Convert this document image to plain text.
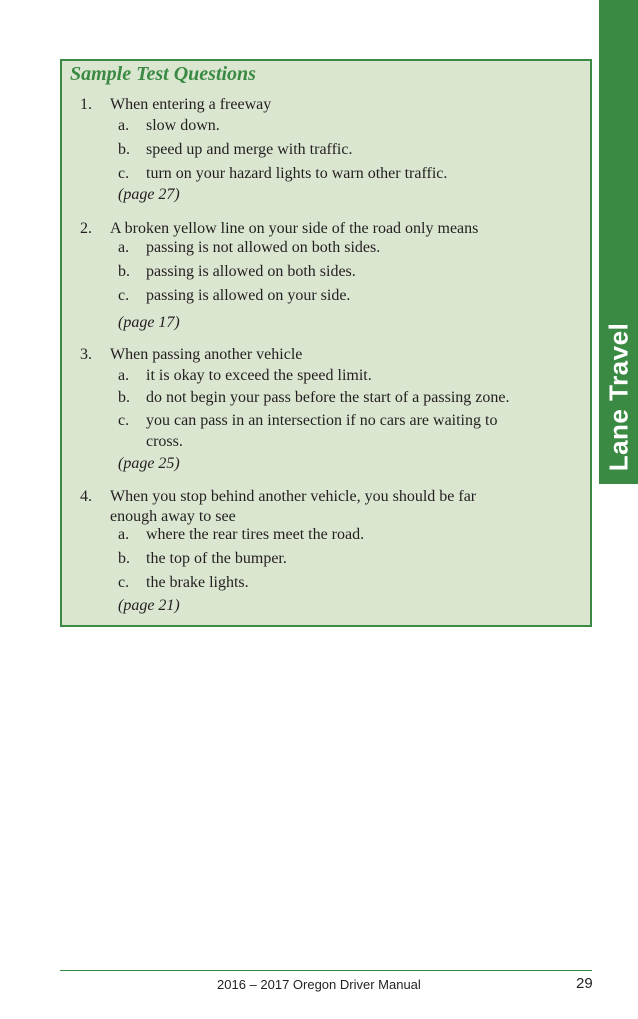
Lane Travel
Sample Test Questions
1. When entering a freeway
a. slow down.
b. speed up and merge with traffic.
c. turn on your hazard lights to warn other traffic.
(page 27)
2. A broken yellow line on your side of the road only means
a. passing is not allowed on both sides.
b. passing is allowed on both sides.
c. passing is allowed on your side.
(page 17)
3. When passing another vehicle
a. it is okay to exceed the speed limit.
b. do not begin your pass before the start of a passing zone.
c. you can pass in an intersection if no cars are waiting to
cross.
(page 25)
4. When you stop behind another vehicle, you should be far
enough away to see
a. where the rear tires meet the road.
b. the top of the bumper.
c. the brake lights.
(page 21)
2016 – 2017 Oregon Driver Manual	29
